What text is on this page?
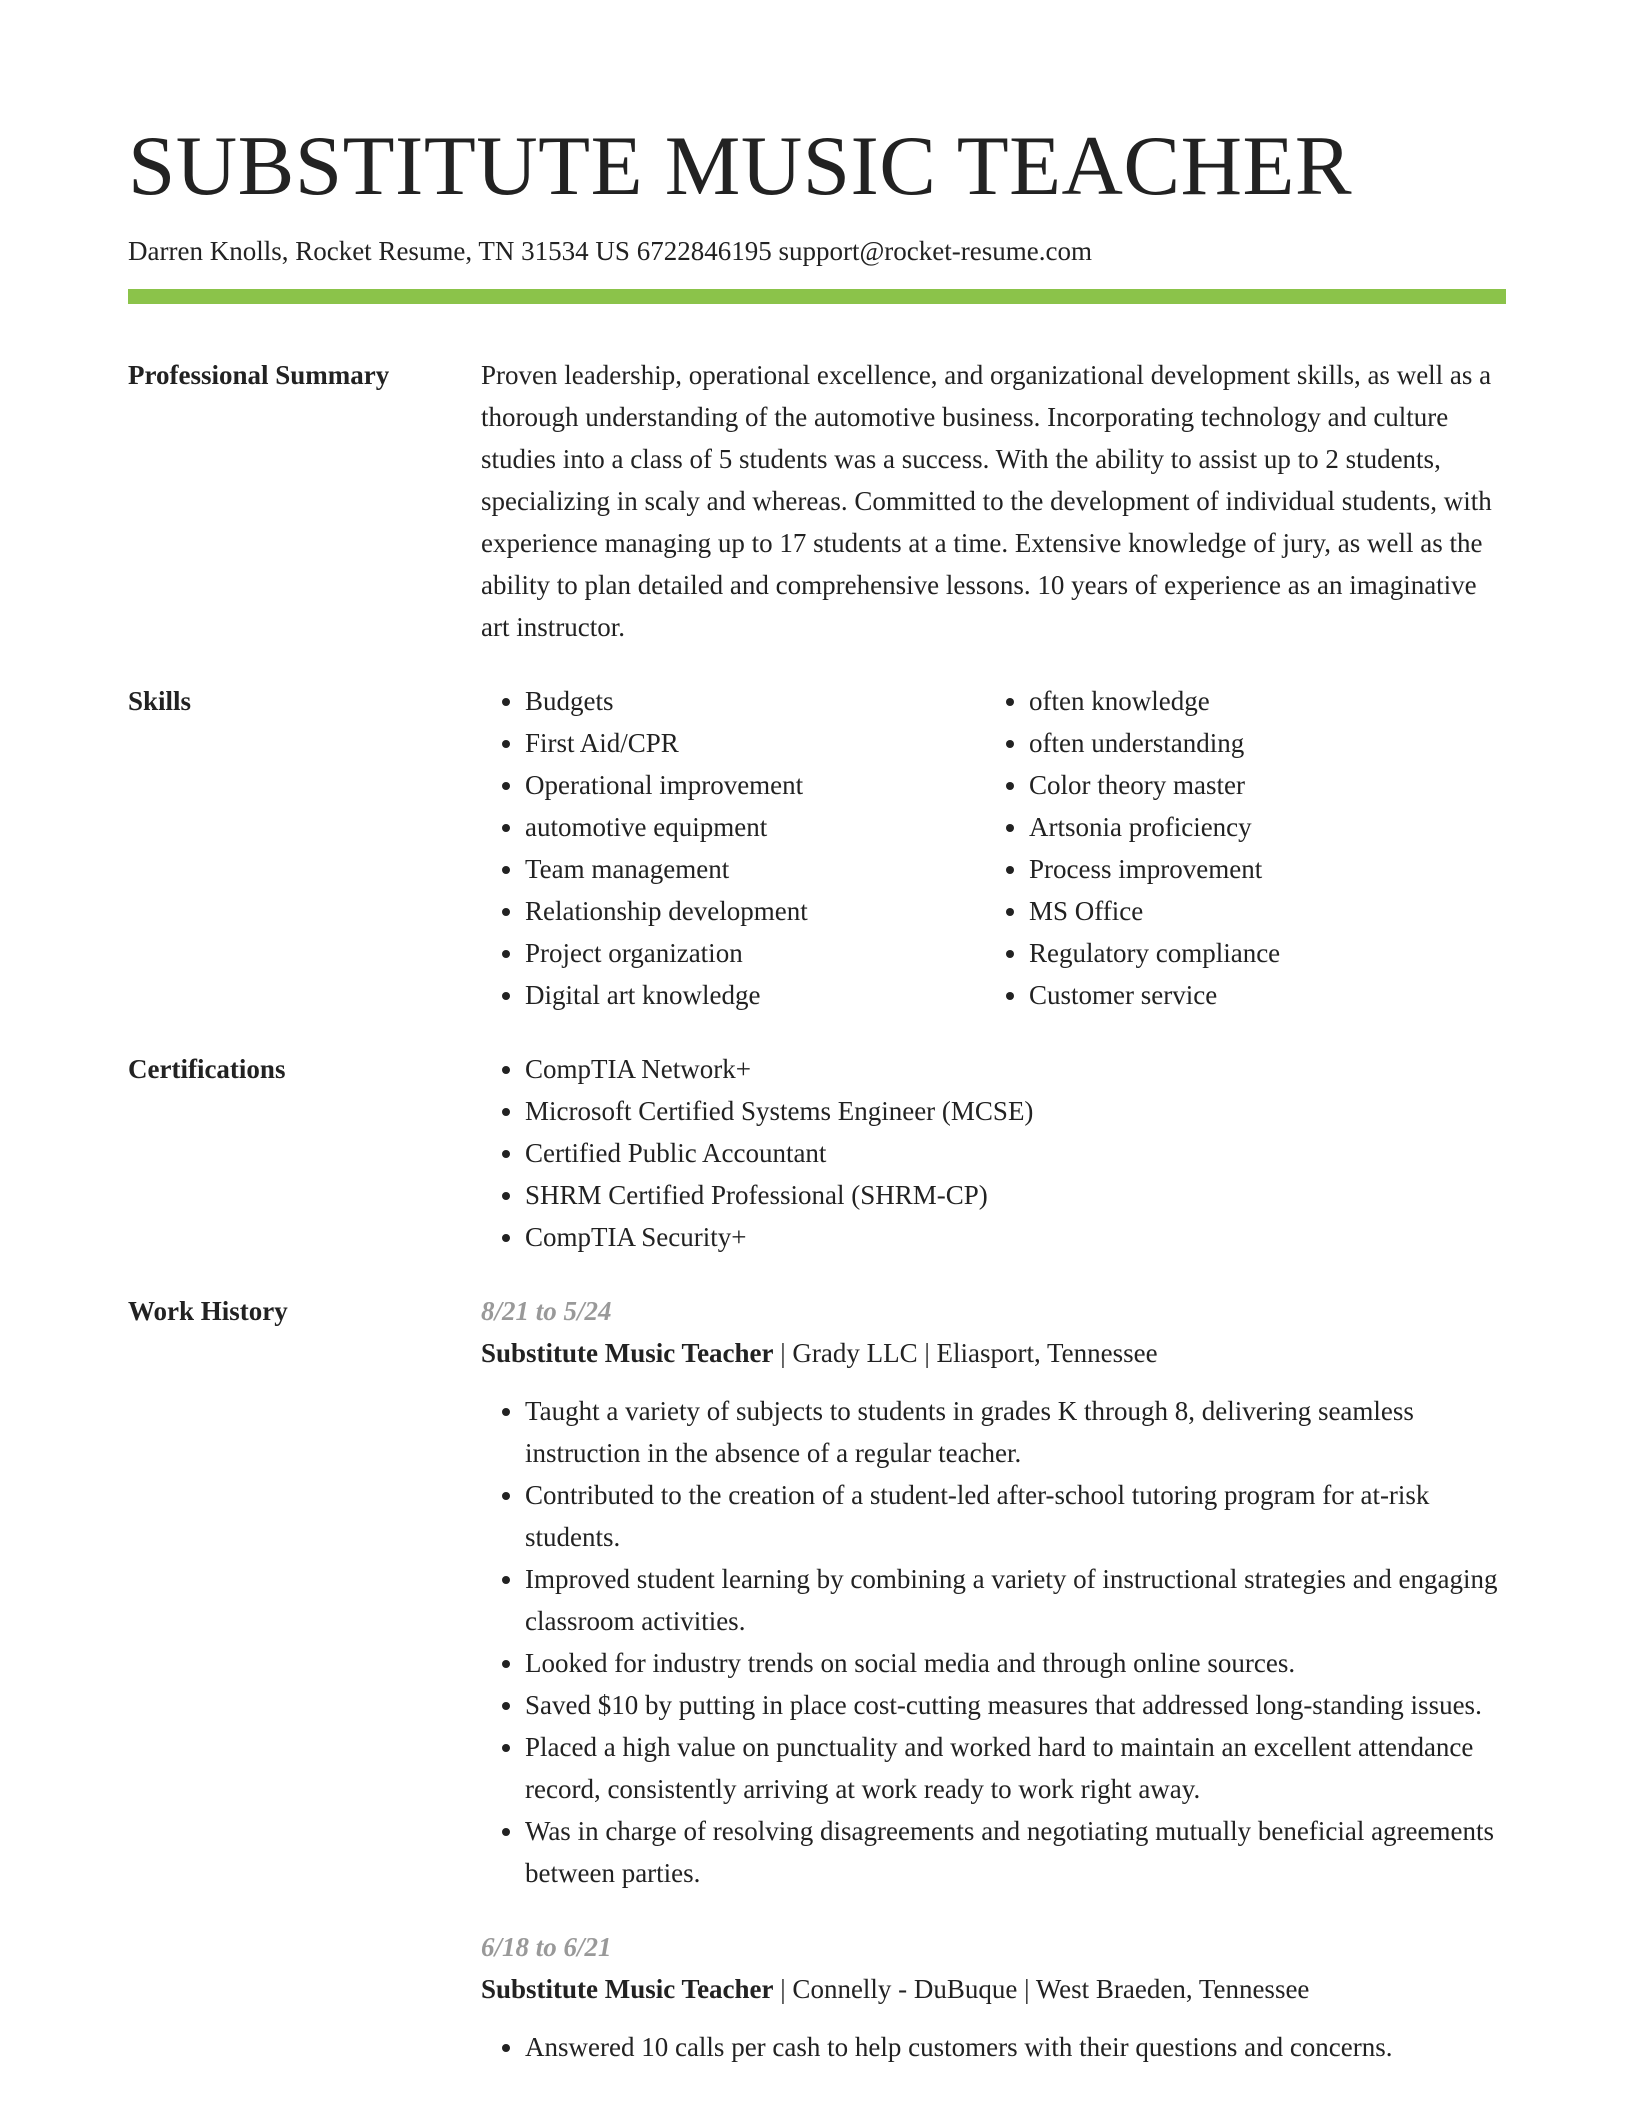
SUBSTITUTE MUSIC TEACHER
Darren Knolls, Rocket Resume, TN 31534 US 6722846195 support@rocket-resume.com
Professional Summary	Proven leadership, operational excellence, and organizational development skills, as well as a thorough understanding of the automotive business. Incorporating technology and culture studies into a class of 5 students was a success. With the ability to assist up to 2 students, specializing in scaly and whereas. Committed to the development of individual students, with experience managing up to 17 students at a time. Extensive knowledge of jury, as well as the ability to plan detailed and comprehensive lessons. 10 years of experience as an imaginative art instructor.
Skills	• Budgets
• First Aid/CPR
• Operational improvement
• automotive equipment
• Team management
• Relationship development
• Project organization
• Digital art knowledge
• often knowledge
• often understanding
• Color theory master
• Artsonia proficiency
• Process improvement
• MS Office
• Regulatory compliance
• Customer service
Certifications	• CompTIA Network+
• Microsoft Certified Systems Engineer (MCSE)
• Certified Public Accountant
• SHRM Certified Professional (SHRM-CP)
• CompTIA Security+
Work History	8/21 to 5/24
Substitute Music Teacher | Grady LLC | Eliasport, Tennessee
• Taught a variety of subjects to students in grades K through 8, delivering seamless instruction in the absence of a regular teacher.
• Contributed to the creation of a student-led after-school tutoring program for at-risk students.
• Improved student learning by combining a variety of instructional strategies and engaging classroom activities.
• Looked for industry trends on social media and through online sources.
• Saved $10 by putting in place cost-cutting measures that addressed long-standing issues.
• Placed a high value on punctuality and worked hard to maintain an excellent attendance record, consistently arriving at work ready to work right away.
• Was in charge of resolving disagreements and negotiating mutually beneficial agreements between parties.
6/18 to 6/21
Substitute Music Teacher | Connelly - DuBuque | West Braeden, Tennessee
• Answered 10 calls per cash to help customers with their questions and concerns.
